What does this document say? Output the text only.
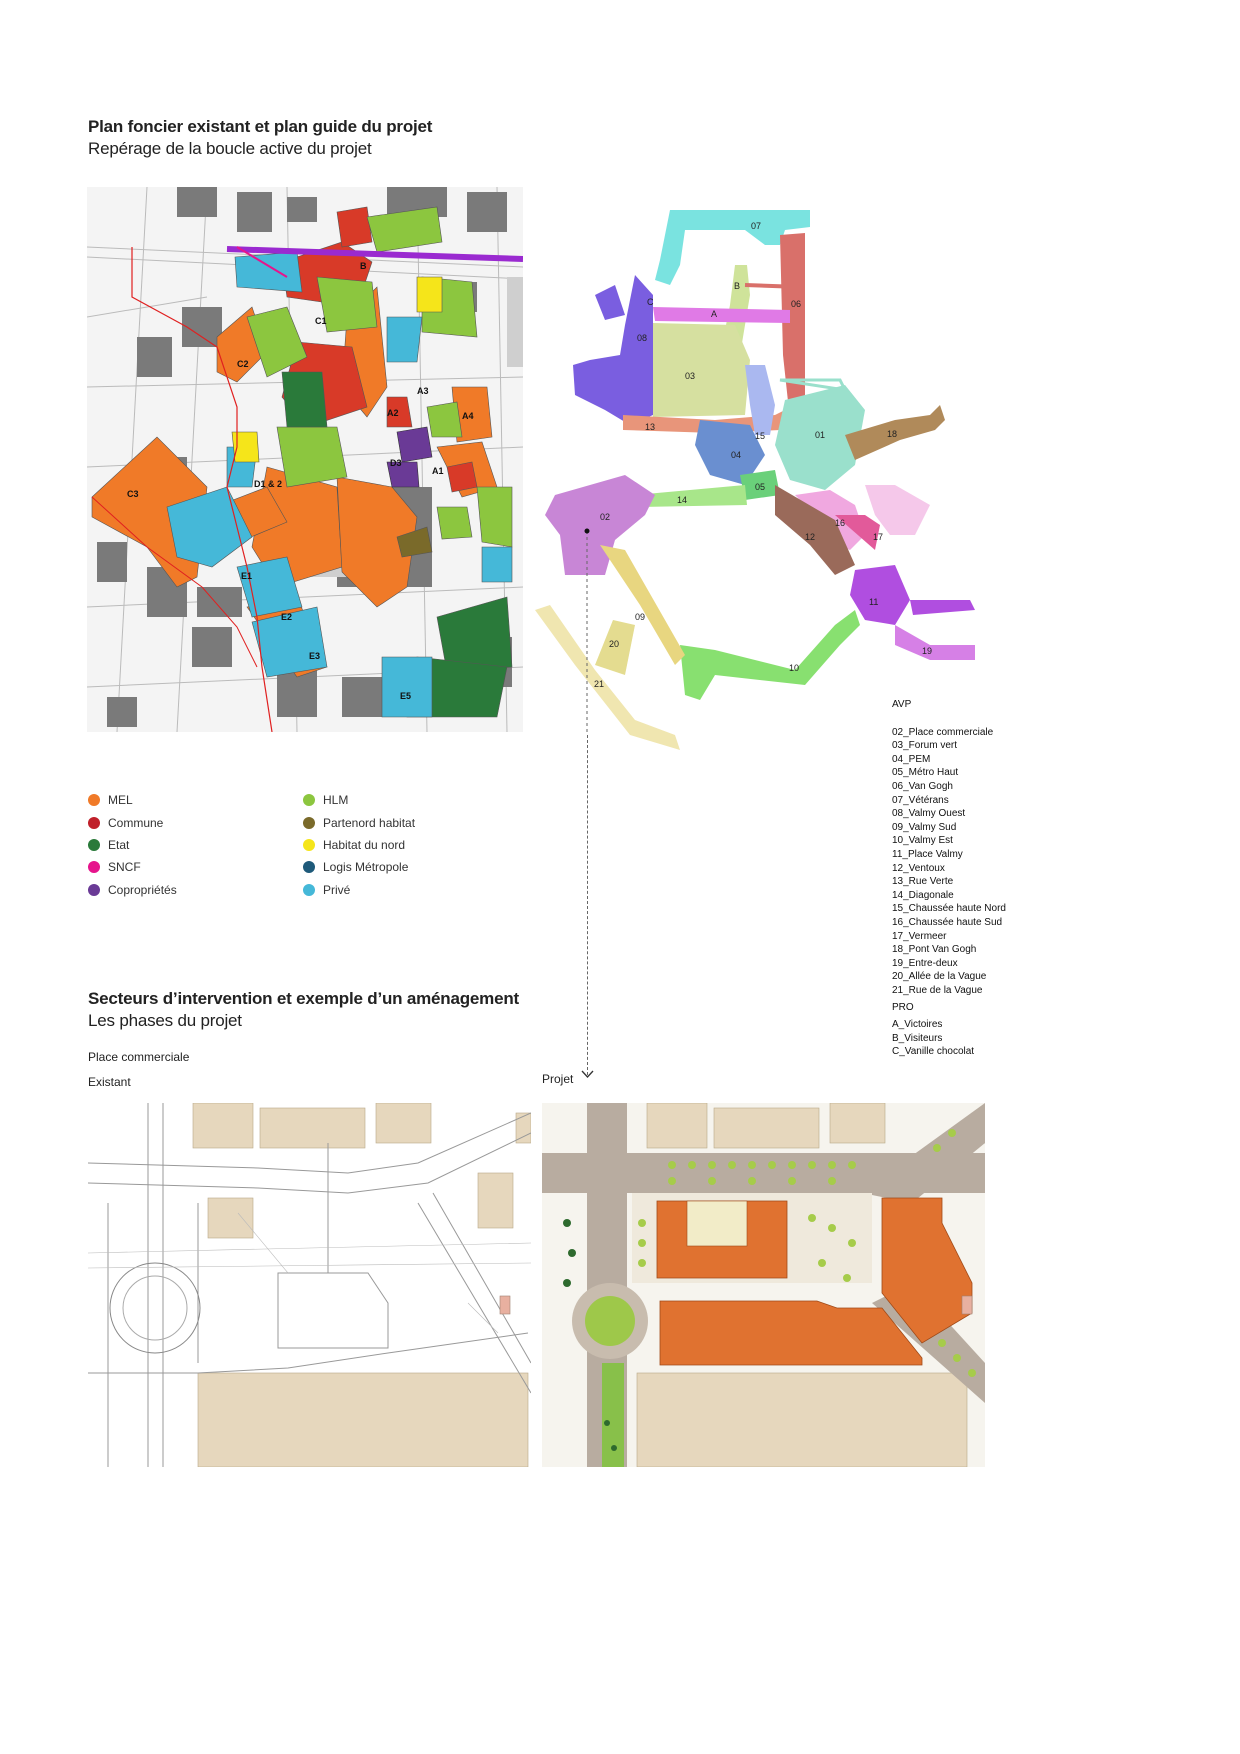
Plan foncier existant et plan guide du projet
Repérage de la boucle active du projet
B
C1
C2
A3
A2	A4
D3
A1
D1 & 2
C3
E1
E2
E3
E5
07
06
B
C
A
08
03
13
15	01	18
04
05
14
02
16
12	17
11
09
20
19
10
21
MEL
Commune
Etat
SNCF
Copropriétés
HLM
Partenord habitat
Habitat du nord
Logis Métropole
Privé
AVP
02_Place commerciale
03_Forum vert
04_PEM
05_Métro Haut
06_Van Gogh
07_Vétérans
08_Valmy Ouest
09_Valmy Sud
10_Valmy Est
11_Place Valmy
12_Ventoux
13_Rue Verte
14_Diagonale
15_Chaussée haute Nord
16_Chaussée haute Sud
17_Vermeer
18_Pont Van Gogh
19_Entre-deux
20_Allée de la Vague
21_Rue de la Vague
PRO
A_Victoires
B_Visiteurs
C_Vanille chocolat
Secteurs d’intervention et exemple d’un aménagement
Les phases du projet
Place commerciale
Existant	Projet
